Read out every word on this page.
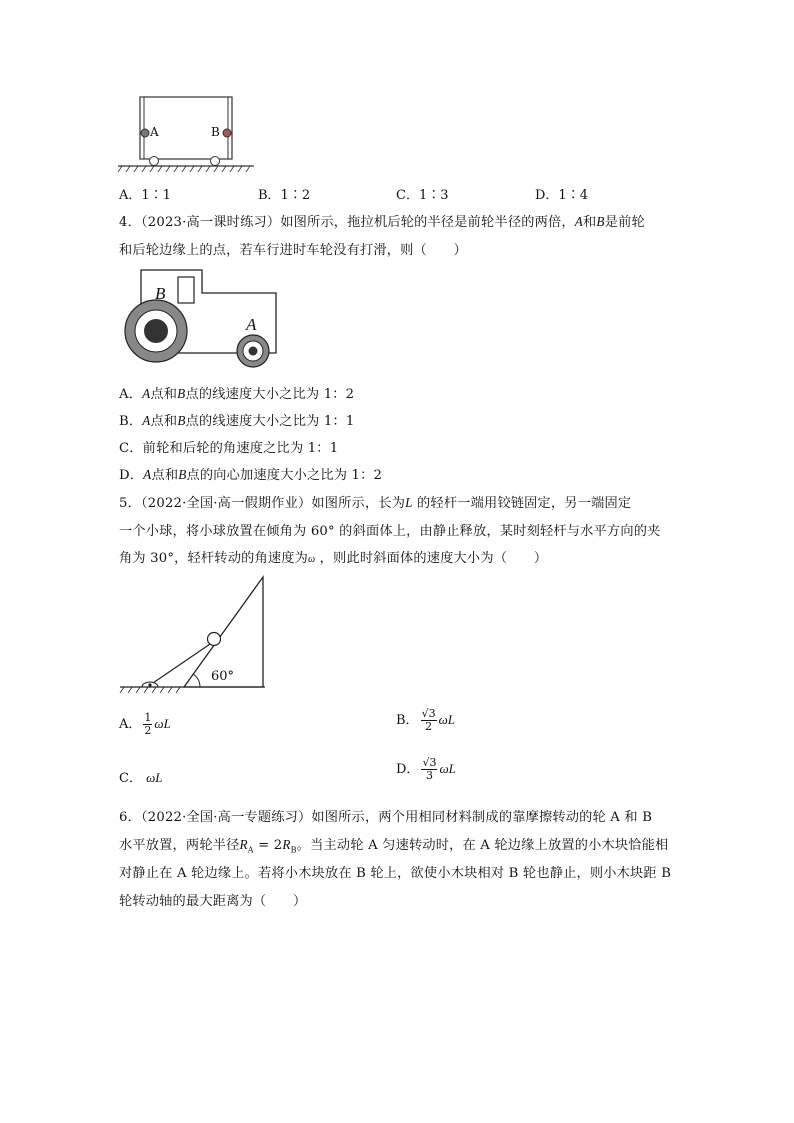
A	B
A．1∶1	B．1∶2	C．1∶3	D．1∶4
4．（2023·高一课时练习）如图所示，拖拉机后轮的半径是前轮半径的两倍，A和B是前轮
和后轮边缘上的点，若车行进时车轮没有打滑，则（　　）
B
A
A．A点和B点的线速度大小之比为 1：2
B．A点和B点的线速度大小之比为 1：1
C．前轮和后轮的角速度之比为 1：1
D．A点和B点的向心加速度大小之比为 1：2
5．（2022·全国·高一假期作业）如图所示，长为L 的轻杆一端用铰链固定，另一端固定
一个小球，将小球放置在倾角为 60° 的斜面体上，由静止释放，某时刻轻杆与水平方向的夹
角为 30°，轻杆转动的角速度为ω ，则此时斜面体的速度大小为（　　）
60°
A． $\frac{1}{2}$ ωL	B． $\frac{√3}{2}$ ωL
C． ωL
D． $\frac{√3}{3}$ ωL
6．（2022·全国·高一专题练习）如图所示，两个用相同材料制成的靠摩擦转动的轮 A 和 B
水平放置，两轮半径$R_A = 2R_B$。当主动轮 A 匀速转动时，在 A 轮边缘上放置的小木块恰能相
对静止在 A 轮边缘上。若将小木块放在 B 轮上，欲使小木块相对 B 轮也静止，则小木块距 B
轮转动轴的最大距离为（　　）
